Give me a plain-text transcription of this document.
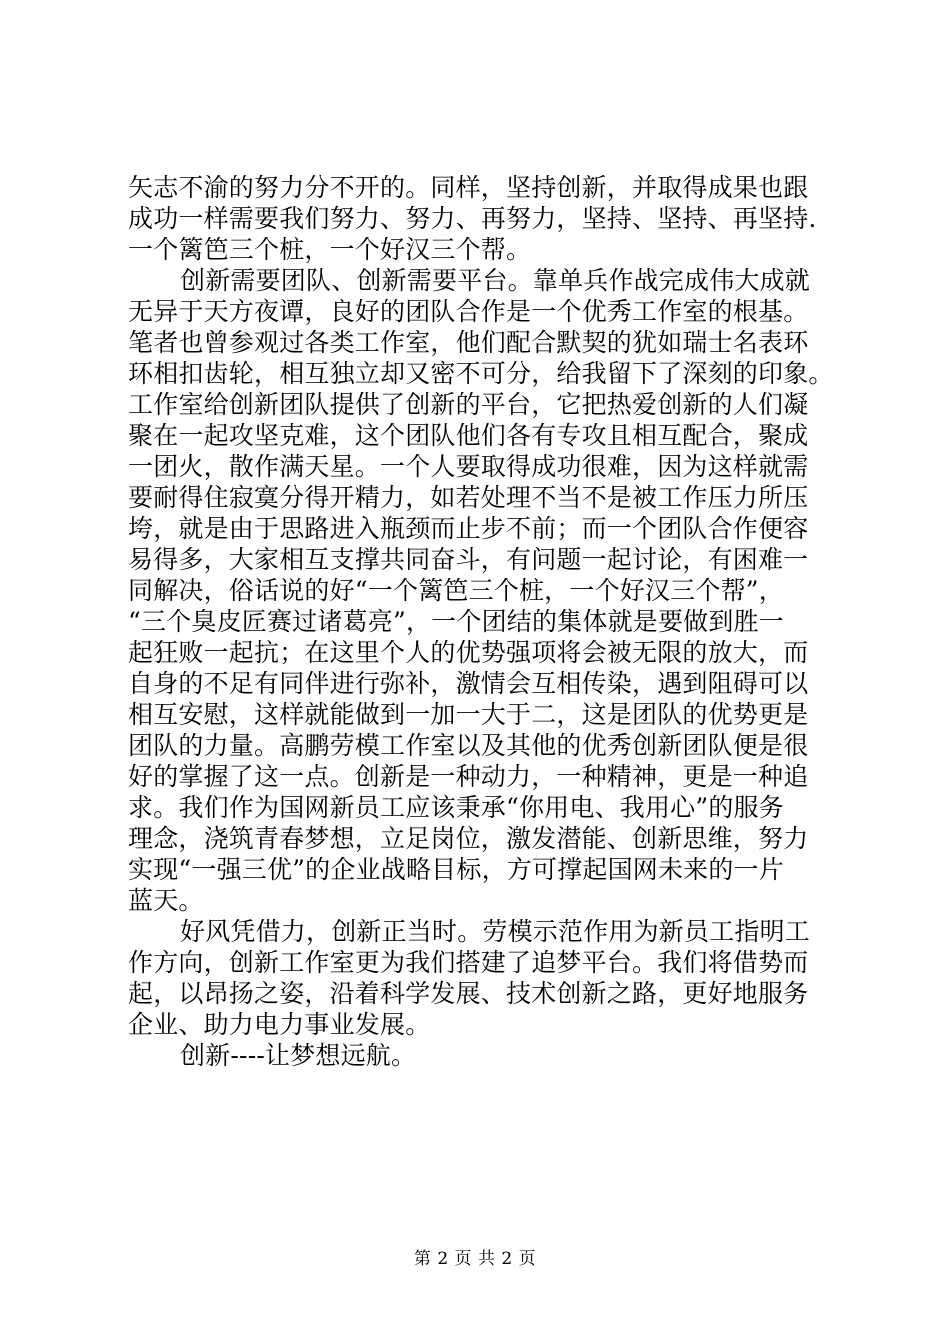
矢志不渝的努力分不开的。同样，坚持创新，并取得成果也跟
成功一样需要我们努力、努力、再努力，坚持、坚持、再坚持.
一个篱笆三个桩，一个好汉三个帮。
创新需要团队、创新需要平台。靠单兵作战完成伟大成就
无异于天方夜谭，良好的团队合作是一个优秀工作室的根基。
笔者也曾参观过各类工作室，他们配合默契的犹如瑞士名表环
环相扣齿轮，相互独立却又密不可分，给我留下了深刻的印象。
工作室给创新团队提供了创新的平台，它把热爱创新的人们凝
聚在一起攻坚克难，这个团队他们各有专攻且相互配合，聚成
一团火，散作满天星。一个人要取得成功很难，因为这样就需
要耐得住寂寞分得开精力，如若处理不当不是被工作压力所压
垮，就是由于思路进入瓶颈而止步不前；而一个团队合作便容
易得多，大家相互支撑共同奋斗，有问题一起讨论，有困难一
同解决，俗话说的好“一个篱笆三个桩，一个好汉三个帮”，
“三个臭皮匠赛过诸葛亮”，一个团结的集体就是要做到胜一
起狂败一起抗；在这里个人的优势强项将会被无限的放大，而
自身的不足有同伴进行弥补，激情会互相传染，遇到阻碍可以
相互安慰，这样就能做到一加一大于二，这是团队的优势更是
团队的力量。高鹏劳模工作室以及其他的优秀创新团队便是很
好的掌握了这一点。创新是一种动力，一种精神，更是一种追
求。我们作为国网新员工应该秉承“你用电、我用心”的服务
理念，浇筑青春梦想，立足岗位，激发潜能、创新思维，努力
实现“一强三优”的企业战略目标，方可撑起国网未来的一片
蓝天。
好风凭借力，创新正当时。劳模示范作用为新员工指明工
作方向，创新工作室更为我们搭建了追梦平台。我们将借势而
起，以昂扬之姿，沿着科学发展、技术创新之路，更好地服务
企业、助力电力事业发展。
创新----让梦想远航。
第 2 页 共 2 页
